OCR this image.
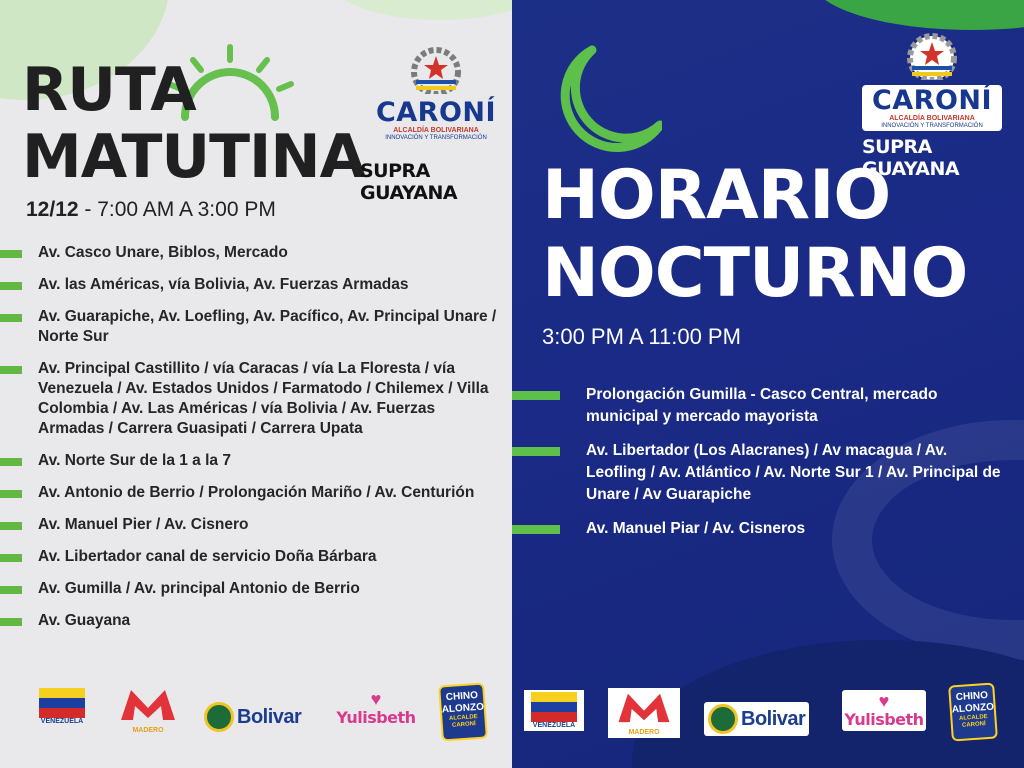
RUTA
MATUTINA
12/12 - 7:00 AM A 3:00 PM
CARONÍ
ALCALDÍA BOLIVARIANA
INNOVACIÓN Y TRANSFORMACIÓN
SUPRA GUAYANA
Av. Casco Unare, Biblos, Mercado
Av. las Américas, vía Bolivia, Av. Fuerzas Armadas
Av. Guarapiche, Av. Loefling, Av. Pacífico, Av. Principal Unare / Norte Sur
Av. Principal Castillito / vía Caracas / vía La Floresta / vía Venezuela / Av. Estados Unidos / Farmatodo / Chilemex / Villa Colombia / Av. Las Américas / vía Bolivia / Av. Fuerzas Armadas / Carrera Guasipati / Carrera Upata
Av. Norte Sur de la 1 a la 7
Av. Antonio de Berrio / Prolongación Mariño / Av. Centurión
Av. Manuel Pier / Av. Cisnero
Av. Libertador canal de servicio Doña Bárbara
Av. Gumilla / Av. principal Antonio de Berrio
Av. Guayana
VENEZUELA
MADERO
Bolivar
♥
Yulisbeth
CHINO
ALONZO
ALCALDE CARONÍ
HORARIO
NOCTURNO
3:00 PM A 11:00 PM
CARONÍ
ALCALDÍA BOLIVARIANA
INNOVACIÓN Y TRANSFORMACIÓN
SUPRA GUAYANA
Prolongación Gumilla - Casco Central, mercado municipal y mercado mayorista
Av. Libertador (Los Alacranes) / Av macagua / Av. Leofling / Av. Atlántico / Av. Norte Sur 1 / Av. Principal de Unare / Av Guarapiche
Av. Manuel Piar / Av. Cisneros
VENEZUELA
MADERO
Bolivar
♥
Yulisbeth
CHINO
ALONZO
ALCALDE CARONÍ
